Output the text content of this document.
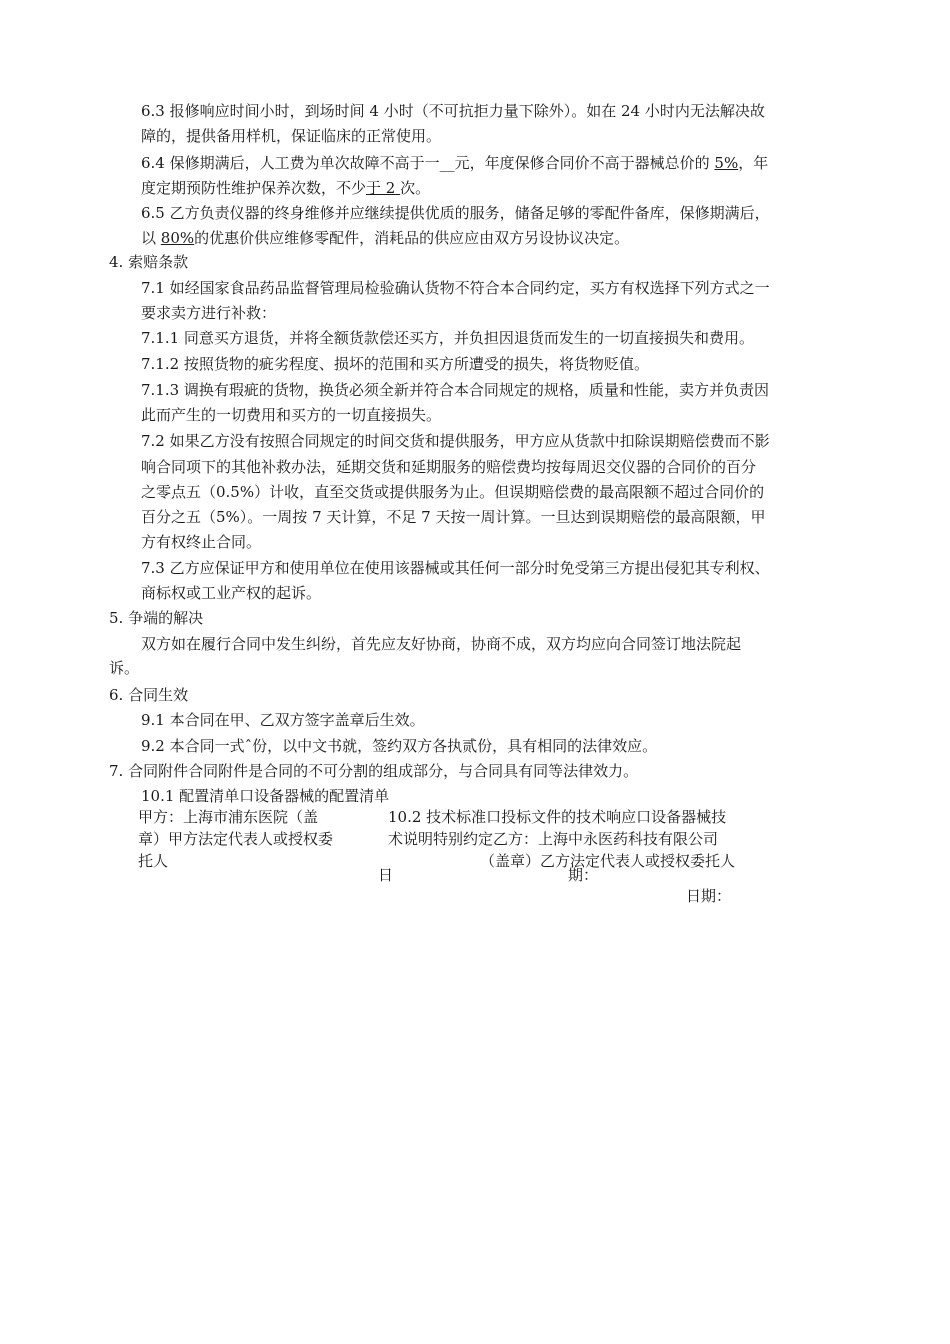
6.3 报修响应时间小时，到场时间 4 小时（不可抗拒力量下除外）。如在 24 小时内无法解决故
障的，提供备用样机，保证临床的正常使用。
6.4 保修期满后，人工费为单次故障不高于一__元，年度保修合同价不高于器械总价的 5%，年
度定期预防性维护保养次数，不少于 2 次。
6.5 乙方负责仪器的终身维修并应继续提供优质的服务，储备足够的零配件备库，保修期满后，
以 80%的优惠价供应维修零配件，消耗品的供应应由双方另设协议决定。
4. 索赔条款
7.1 如经国家食品药品监督管理局检验确认货物不符合本合同约定，买方有权选择下列方式之一
要求卖方进行补救：
7.1.1 同意买方退货，并将全额货款偿还买方，并负担因退货而发生的一切直接损失和费用。
7.1.2 按照货物的疵劣程度、损坏的范围和买方所遭受的损失，将货物贬值。
7.1.3 调换有瑕疵的货物，换货必须全新并符合本合同规定的规格，质量和性能，卖方并负责因
此而产生的一切费用和买方的一切直接损失。
7.2 如果乙方没有按照合同规定的时间交货和提供服务，甲方应从货款中扣除误期赔偿费而不影
响合同项下的其他补救办法，延期交货和延期服务的赔偿费均按每周迟交仪器的合同价的百分
之零点五（0.5%）计收，直至交货或提供服务为止。但误期赔偿费的最高限额不超过合同价的
百分之五（5%）。一周按 7 天计算，不足 7 天按一周计算。一旦达到误期赔偿的最高限额，甲
方有权终止合同。
7.3 乙方应保证甲方和使用单位在使用该器械或其任何一部分时免受第三方提出侵犯其专利权、
商标权或工业产权的起诉。
5. 争端的解决
双方如在履行合同中发生纠纷，首先应友好协商，协商不成，双方均应向合同签订地法院起
诉。
6. 合同生效
9.1 本合同在甲、乙双方签字盖章后生效。
9.2 本合同一式ˆ份，以中文书就，签约双方各执贰份，具有相同的法律效应。
7. 合同附件合同附件是合同的不可分割的组成部分，与合同具有同等法律效力。
10.1 配置清单口设备器械的配置清单
甲方：上海市浦东医院（盖
章）甲方法定代表人或授权委
托人
10.2 技术标准口投标文件的技术响应口设备器械技
术说明特别约定乙方：上海中永医药科技有限公司
（盖章）乙方法定代表人或授权委托人
日	期：
日期：
